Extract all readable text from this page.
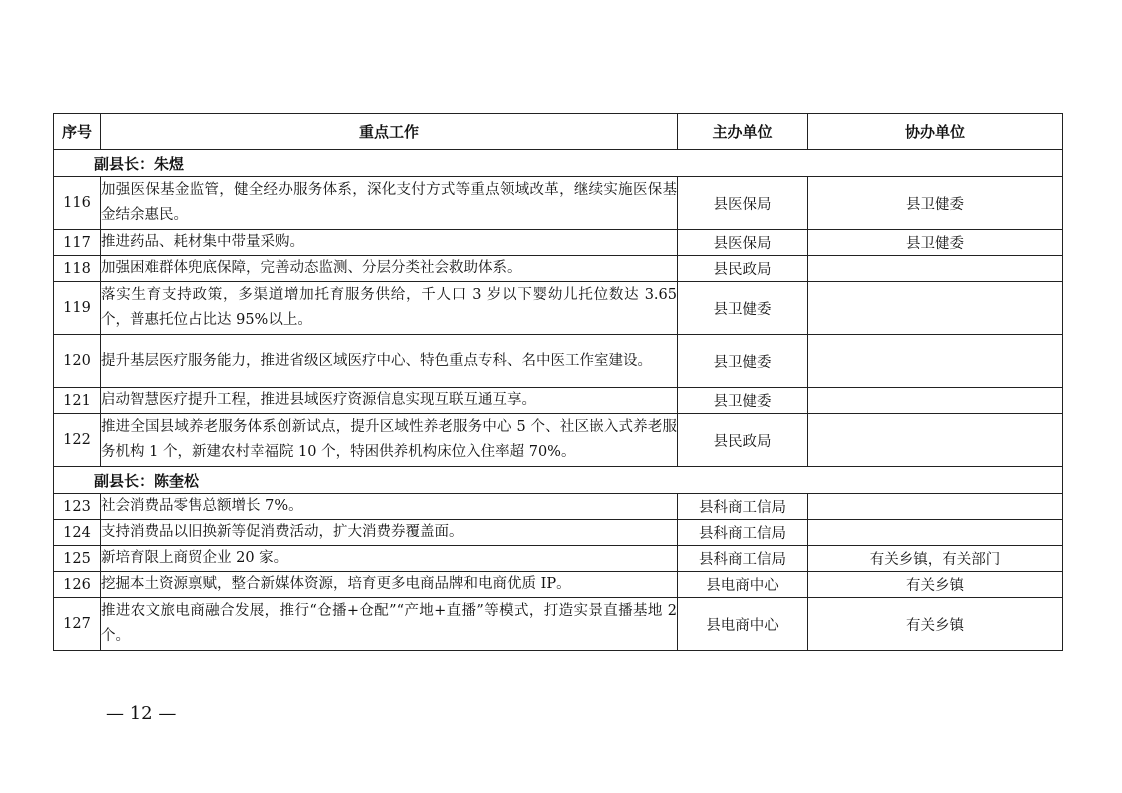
序号	重点工作	主办单位	协办单位
副县长：朱煜			
116	加强医保基金监管，健全经办服务体系，深化支付方式等重点领域改革，继续实施医保基金结余惠民。	县医保局	县卫健委
117	推进药品、耗材集中带量采购。	县医保局	县卫健委
118	加强困难群体兜底保障，完善动态监测、分层分类社会救助体系。	县民政局	
119	落实生育支持政策，多渠道增加托育服务供给，千人口 3 岁以下婴幼儿托位数达 3.65 个，普惠托位占比达 95%以上。	县卫健委	
120	提升基层医疗服务能力，推进省级区域医疗中心、特色重点专科、名中医工作室建设。	县卫健委	
121	启动智慧医疗提升工程，推进县域医疗资源信息实现互联互通互享。	县卫健委	
122	推进全国县域养老服务体系创新试点，提升区域性养老服务中心 5 个、社区嵌入式养老服务机构 1 个，新建农村幸福院 10 个，特困供养机构床位入住率超 70%。	县民政局	
副县长：陈奎松			
123	社会消费品零售总额增长 7%。	县科商工信局	
124	支持消费品以旧换新等促消费活动，扩大消费券覆盖面。	县科商工信局	
125	新培育限上商贸企业 20 家。	县科商工信局	有关乡镇，有关部门
126	挖掘本土资源禀赋，整合新媒体资源，培育更多电商品牌和电商优质 IP。	县电商中心	有关乡镇
127	推进农文旅电商融合发展，推行“仓播+仓配”“产地+直播”等模式，打造实景直播基地 2 个。	县电商中心	有关乡镇
— 12 —
